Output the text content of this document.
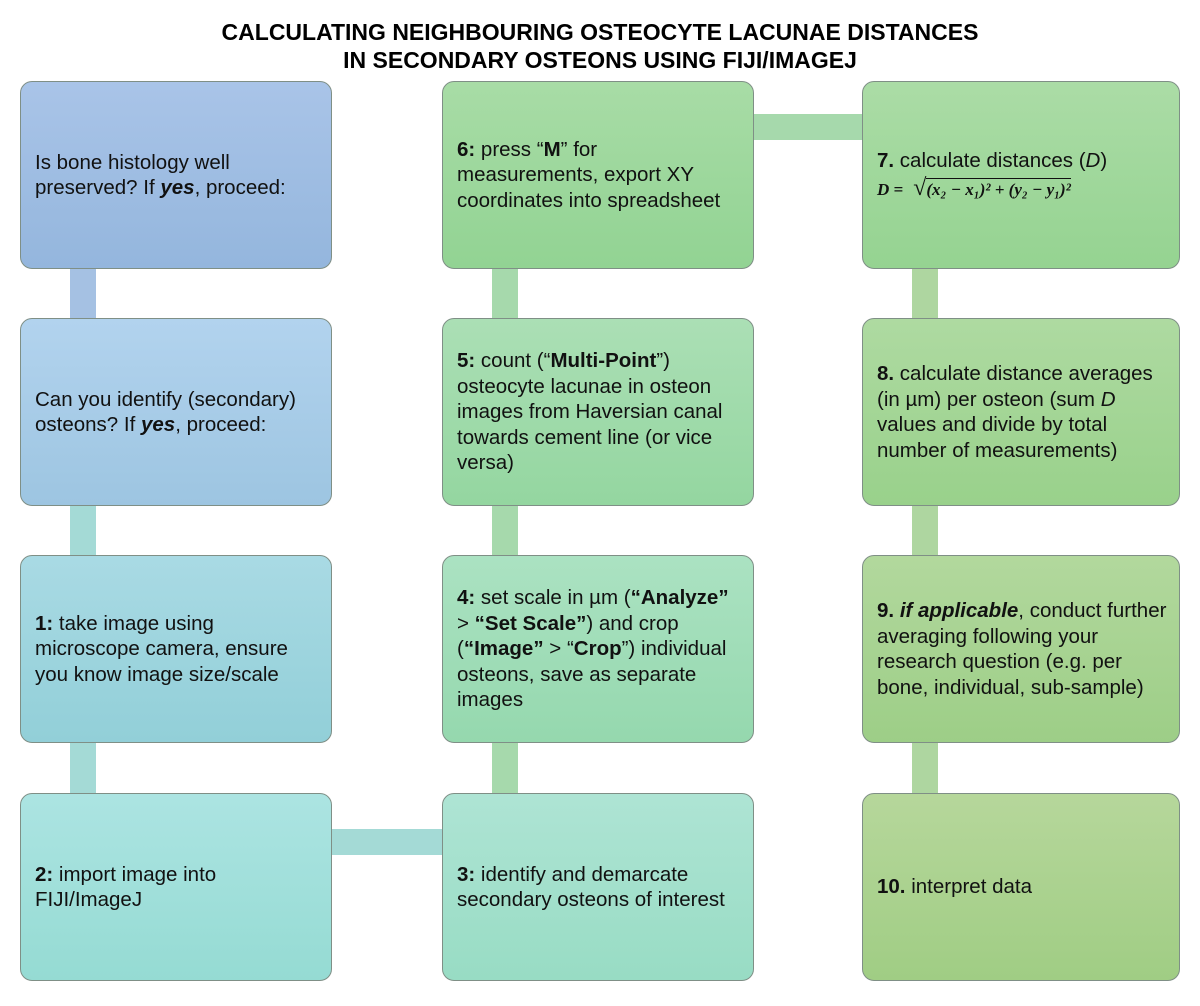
CALCULATING NEIGHBOURING OSTEOCYTE LACUNAE DISTANCES
IN SECONDARY OSTEONS USING FIJI/IMAGEJ
Is bone histology well preserved? If yes, proceed:
Can you identify (secondary) osteons? If yes, proceed:
1: take image using microscope camera, ensure you know image size/scale
2: import image into FIJI/ImageJ
6: press “M” for measurements, export XY coordinates into spreadsheet
5: count (“Multi-Point”) osteocyte lacunae in osteon images from Haversian canal towards cement line (or vice versa)
4: set scale in µm (“Analyze” > “Set Scale”) and crop (“Image” > “Crop”) individual osteons, save as separate images
3: identify and demarcate secondary osteons of interest
7. calculate distances (D)
D = √(x₂ − x₁)² + (y₂ − y₁)²
8. calculate distance averages (in µm) per osteon (sum D values and divide by total number of measurements)
9. if applicable, conduct further averaging following your research question (e.g. per bone, individual, sub-sample)
10. interpret data
